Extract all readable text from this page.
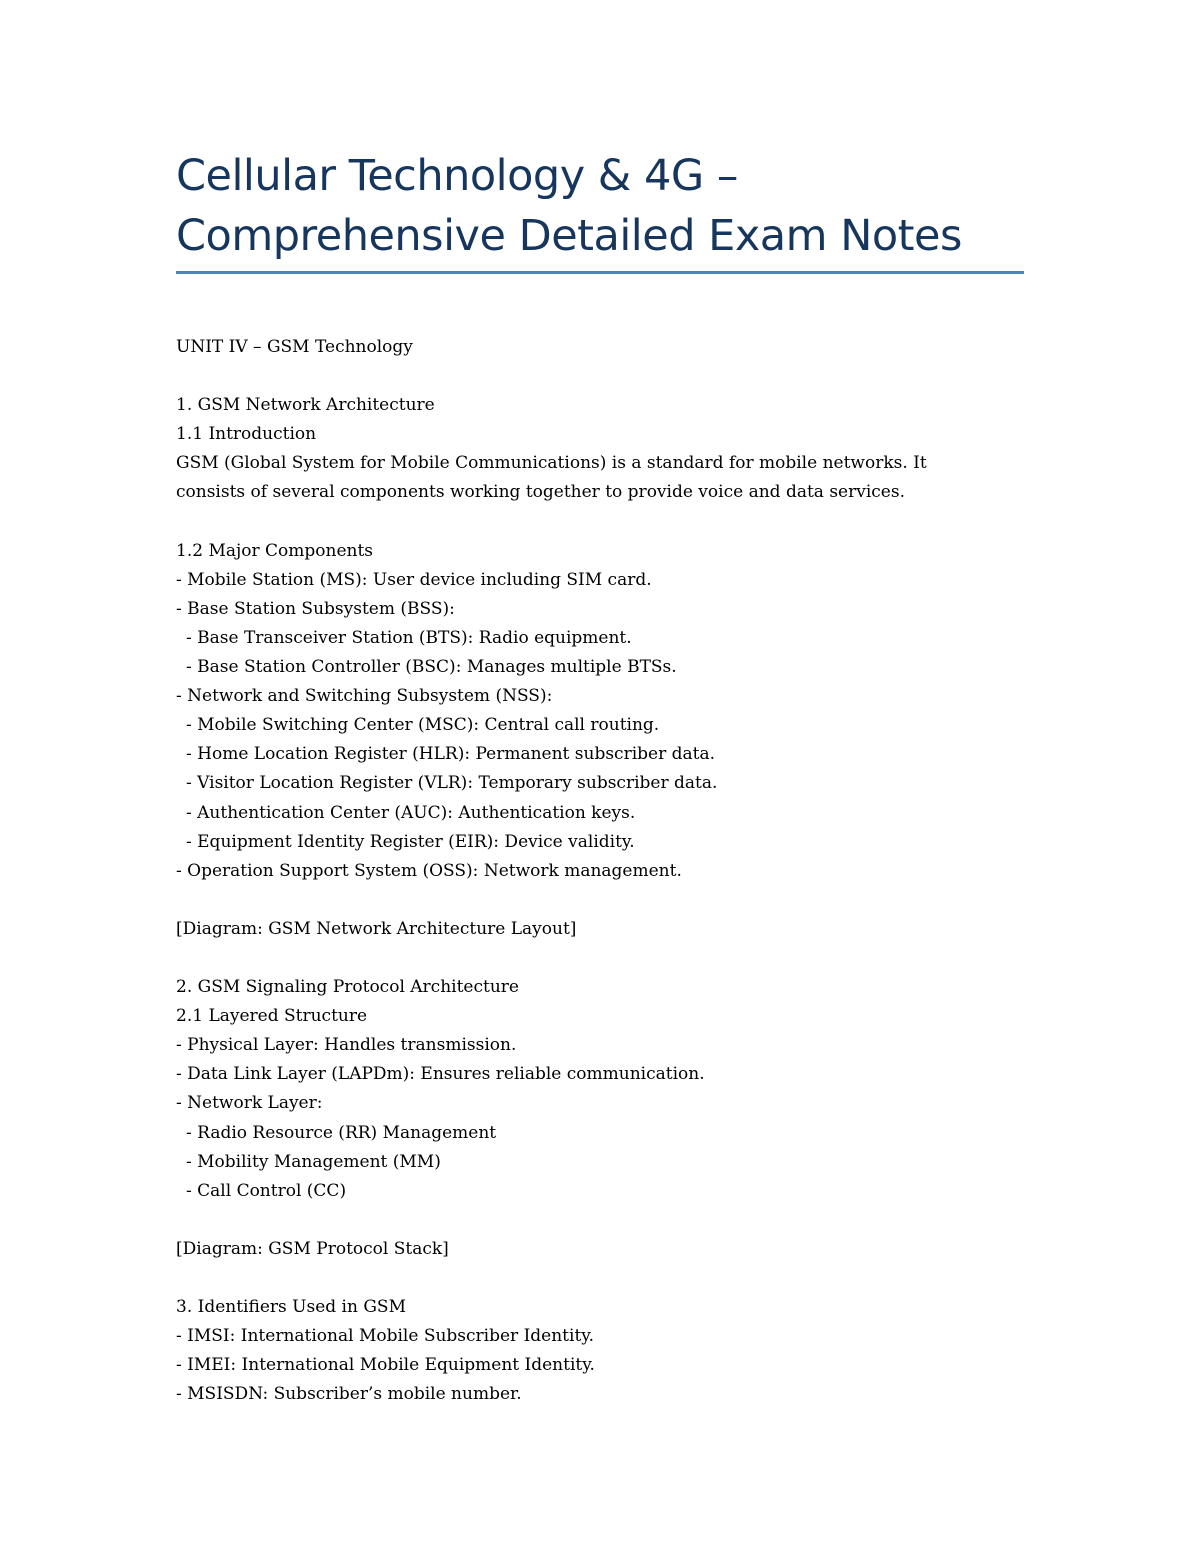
Cellular Technology & 4G –
Comprehensive Detailed Exam Notes
UNIT IV – GSM Technology
1. GSM Network Architecture
1.1 Introduction
GSM (Global System for Mobile Communications) is a standard for mobile networks. It
consists of several components working together to provide voice and data services.
1.2 Major Components
- Mobile Station (MS): User device including SIM card.
- Base Station Subsystem (BSS):
- Base Transceiver Station (BTS): Radio equipment.
- Base Station Controller (BSC): Manages multiple BTSs.
- Network and Switching Subsystem (NSS):
- Mobile Switching Center (MSC): Central call routing.
- Home Location Register (HLR): Permanent subscriber data.
- Visitor Location Register (VLR): Temporary subscriber data.
- Authentication Center (AUC): Authentication keys.
- Equipment Identity Register (EIR): Device validity.
- Operation Support System (OSS): Network management.
[Diagram: GSM Network Architecture Layout]
2. GSM Signaling Protocol Architecture
2.1 Layered Structure
- Physical Layer: Handles transmission.
- Data Link Layer (LAPDm): Ensures reliable communication.
- Network Layer:
- Radio Resource (RR) Management
- Mobility Management (MM)
- Call Control (CC)
[Diagram: GSM Protocol Stack]
3. Identifiers Used in GSM
- IMSI: International Mobile Subscriber Identity.
- IMEI: International Mobile Equipment Identity.
- MSISDN: Subscriber’s mobile number.
